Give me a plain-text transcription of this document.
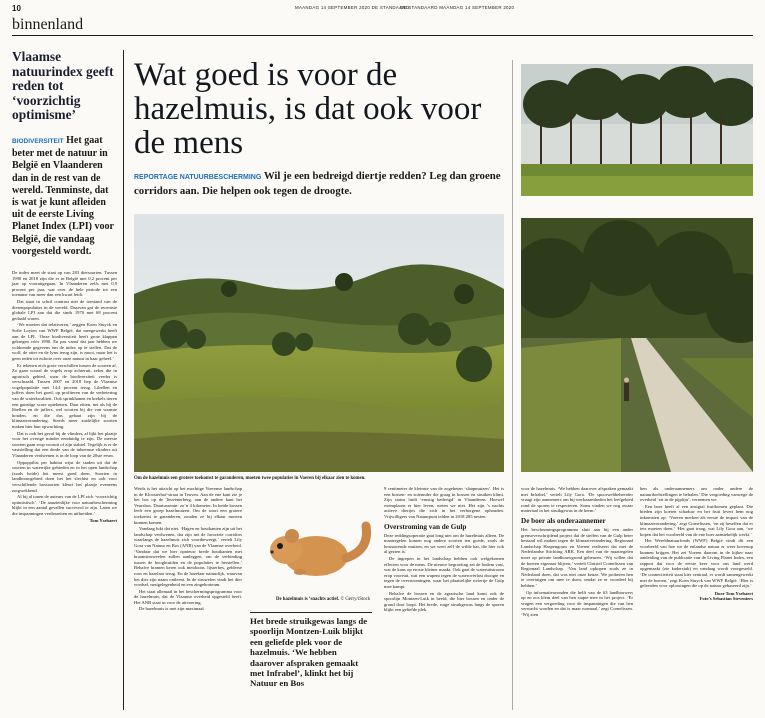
10	MAANDAG 14 SEPTEMBER 2020 DE STANDAARD
DE STANDAARD MAANDAG 14 SEPTEMBER 2020
binnenland
Vlaamse natuurindex geeft reden tot ‘voorzichtig optimisme’
BIODIVERSITEIT Het gaat beter met de natuur in België en Vlaanderen dan in de rest van de wereld. Tenminste, dat is wat je kunt afleiden uit de eerste Living Planet Index (LPI) voor België, die vandaag voorgesteld wordt.

De index meet de staat op van 283 diersoorten. Tussen 1990 en 2018 zijn die er in België met 0,2 procent per jaar op vooruitgegaan. In Vlaanderen zelfs met 0,9 procent per jaar, wat over de hele periode tot een toename van meer dan een kwart leidt.

Dat staat in schril contrast met de toestand van de dierenpopulaties in de wereld. Daarvan gaf de recentste globale LPI aan dat die sinds 1970 met 68 procent gedaald waren.

‘We moeten dat relativeren,’ zeggen Koen Stuyck en Sofie Loyten van WWF België, dat meegewerkt heeft aan de LPI. ‘Onze biodiversiteit heeft grote klappen gekregen vóór 1990. En pas vanaf dat jaar hebben we voldoende gegevens om de index op te stellen. Dat de wolf, de otter en de lynx terug zijn, is mooi, maar het is geen reden tot euforie over onze natuur in haar geheel.’

Er tekenen zich grote verschillen tussen de soorten af. Zo gaan vooral de vogels erop achteruit, zeker die in agrarisch gebied, waar de biodiversiteit verder is verschraald. Tussen 2007 en 2018 liep de Vlaamse vogelpopulatie met 14,4 procent terug. Libellen en juffers doen het goed, op profiteren van de verbetering van de waterkwaliteit. Ook sprinkhanen en krekels tieren een gunstige score optekenen. Daar zitten, net als bij de libellen en de juffers, wel soorten bij die van warmte houden, en die dus gebaat zijn bij de klimaatverandering. Steeds meer zuidelijke soorten maken hier hun opwachting.

Dat is ook het geval bij de vlinders, al lijkt het plaatje voor het overige minder eenduidig te zijn. De meeste soorten gaan erop vooruit of zijn stabiel. Tegelijk is er de vaststelling dat een derde van de inheemse vlinders uit Vlaanderen verdwenen is in de loop van de 20ste eeuw.

Oppoppilist per habitat wijst de staden uit dat de soorten in waterrijke gebieden en in het open landschap (zoals heide) het meest goed doen. Soorten in landbouwgebied doen het het slechtst en ook voor verschillende bossoorten kleurt het plaatje eveneens zorgwekkend.

Al bij al tonen de auteurs van de LPI zich ‘voorzichtig optimistisch’. ‘De aanzienlijke voor natuurbescherming blijkt in een aantal gevallen succesvol te zijn. Laten we die inspanningen verderzetten en uitbreiden.’

Tom Ysebaert
Wat goed is voor de hazelmuis, is dat ook voor de mens
REPORTAGE NATUURBESCHERMING Wil je een bedreigd diertje redden? Leg dan groene corridors aan. Die helpen ook tegen de droogte.
Om de hazelmuis een grotere toekomst te garanderen, moeten twee populaties in Voeren bij elkaar zien te komen.

Weids is het uitzicht op het machtige Voerense landschap in de Kloosterhof-straat in Teuven. Aan de ene kant zie je het bos op de Teuvenerberg, aan de andere kant het Veursbos. Daartussenin: zo’n 4 kilometer. In beide bossen leeft een groep hazelmuizen. Om de soort een grotere toekomst te garanderen, zouden ze bij elkaar moeten kunnen komen.

Vandaag lukt dat niet. ‘Hagen en houtkanten zijn uit het landschap verdwenen, dat zijn net de favoriete corridors waarlangs de hazelmuis zich voortbeweegt,’ vertelt Lily Gora van Natuur en Bos (ANB) van de Vlaamse overheid. ‘Vandaar dat we hier opnieuw brede houtkanten met braamstruweelen zullen aanleggen, om de verbinding tussen de boogbruiden en de populaties te herstellen.’ Behalve bramen keren ook meidoorn, lijsterbes, gelderse roos en hazelaar terug. En de hazelaar natuurlijk, waarvan het dier zijn naam ontleent. In de struwelen vindt het dier voedsel, nestgelegenheid en een zingeborteum.

Het staat allemaal in het beschermingsprogramma voor de hazelmuis, dat de Vlaamse overheid opgesteld heeft. Het ANB staat in voor de uitvoering.

De hazelmuis is met zijn maximaal

De hazelmuis is ‘snachts actief. © Gerry/iStock
Het brede struikgewas langs de spoorlijn Montzen-Luik blijkt een geliefde plek voor de hazelmuis. ‘We hebben daarover afspraken gemaakt met Infrabel’, klinkt het bij Natuur en Bos

9 centimeter de kleinste van de zogeheten ‘slaapmuizen’. Het is een bossen- en zoiennder die graag in bossen en struiken klimt. Zijn status luidt ‘ernstig bedreigd’ in Vlaanderen. Hoewel exemplaren er hier leven, weten we niet. Het zijn ’s nachts actieve diertjes die zich in het verborgene ophouden. Vrijwilligers van Natuurpunt telden in 2018 205 nesten.

Overstroming van de Gulp

Deze reddingsoperatie gaat long niet om de hazelmuis alleen. De maatregelen komen nog andere soorten ten goede, zoals de bosnawende muizen, en we weet zelf de wilde kat, die hier ook al gezien is.

De ingrepen in het landschap hebben ook welgekomen effecten voor de mens. De nieuwe begroeiing zet de bodem vast, wat de kans op erosie kleiner maakt. Ook gaat de wateruitstroom erop voorruit, wat een wapent tegen de wateroverlast droogte en tegen de overstromingen, waar het plaatselijke riviertje de Gulp mee kampt.

Behalve de bossen en de agrarische land komt ook de spoorlijn Montzen-Luik in beeld, die hier bossen en onder de grond door loopt. Het brede, ruige struikgewas langs de sporen blijkt een geliefde plek

voor de hazelmuis. ‘We hebben daarover afspraken gemaakt met Infrabel,’ vertelt Lily Gora. ‘De spoorwebbeheerder vraagt zijn aannemers om bij werkzaamheden het leefgebied rond de sporen te respecteren. Soms vinden we nog zwaar materiaal in het struikgewas in de berm.’

De boer als onderaannemer

Het beschermingsprogramma sluit aan bij een ander grensoverschrijdend project dat de steffen van de Gulp beter bestand wil maken tegen de klimaatverandering. Regionaal Landschap Haspengouw en Voeren realiseert dat met de Nederlandse Stichting ARK. Een deel van de maatregelen moet op private landbouwgrond gebeuren. ‘Wij willen dat de boeren eigenaar blijven,’ vertelt Christel Cornelissen van Regionaal Landschap. ‘Van land opkopen zoals ze in Nederland doen, dat was niet onze keuze. We proberen hen te overtuigen om mee te doen, omdat ze er voordeel bij hebben.’

Op informatieavonden die helft van de 63 landbouwers op en oos klem deel van hen stapte mee in het project. ‘Er vragen een vergoeding voor de inspanningen die van hen verwacht worden en dat is maar normaal,’ zegt Cornelissen. ‘Wij zien

hen als onderaannemers om onder andere de natuurdoelstellingen te behalen.’ Die vergoeding vanwege de overheid ‘zit in de pijplijn’, vernemen we.

Een boer heeft al een ansigtal fruitbomen geplant. Die bieden zijn koeien schaduw en het fruit levert hem nog inkomsten op. ‘Voeren merken als eerste de impact van de klimaatverandering,’ zegt Cornelissen, ‘en zij beseffen dat er iets moeten doen.’ ‘Het gaat traag, wat Lily Gora aan, ‘we hopen dat het voorbeeld van de ene boer aanstekelijk werkt.’

Het Wereldnatuurfonds (WWF) België vindt dit een voorbeeld van hoe we de enlandse natuur er weer bovenop kunnen krijgen. Het zet Voeren daarom in de kijker naar aanleiding van de publicatie van de Living Planet Index, een rapport dat voor de eerste keer voor ons land werd opgemaakt (zie kaderstuk) en vandaag wordt voorgesteld. ‘De connectiviteit staat hier centraal, er wordt samengewerkt met de boeren,’ zegt Koen Stuyck van WWF België. ‘Hier is geleerden voor oplossingen die op de natuur gebaseerd zijn.’

Door Tom Ysebaert
Foto’s Sebastian Steveniers
